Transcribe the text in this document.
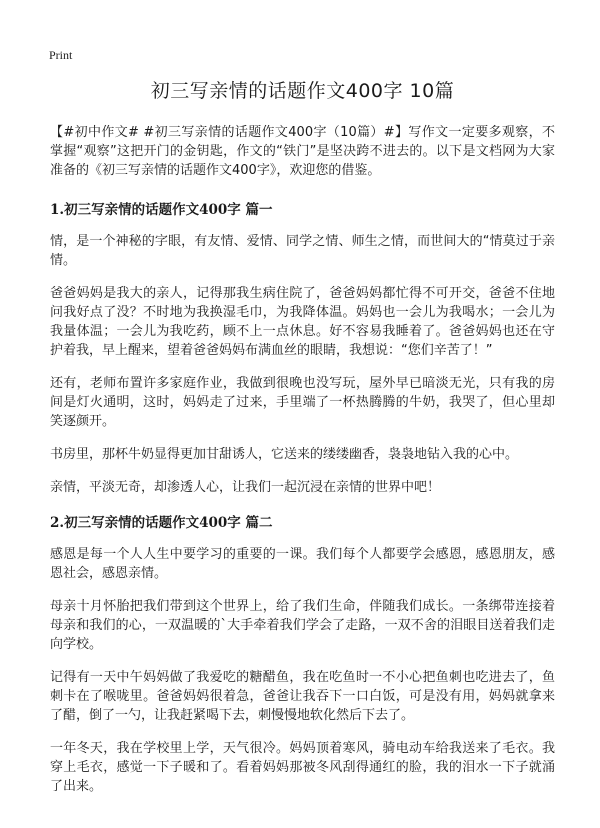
Print
初三写亲情的话题作文400字 10篇

【#初中作文# #初三写亲情的话题作文400字（10篇）#】写作文一定要多观察，不掌握“观察”这把开门的金钥匙，作文的“铁门”是坚决跨不进去的。以下是文档网为大家准备的《初三写亲情的话题作文400字》，欢迎您的借鉴。

1.初三写亲情的话题作文400字 篇一

情，是一个神秘的字眼，有友情、爱情、同学之情、师生之情，而世间大的“情莫过于亲情。

爸爸妈妈是我大的亲人，记得那我生病住院了，爸爸妈妈都忙得不可开交，爸爸不住地问我好点了没？不时地为我换湿毛巾，为我降体温。妈妈也一会儿为我喝水；一会儿为我量体温；一会儿为我吃药，顾不上一点休息。好不容易我睡着了。爸爸妈妈也还在守护着我，早上醒来，望着爸爸妈妈布满血丝的眼睛，我想说：“您们辛苦了！”

还有，老师布置许多家庭作业，我做到很晚也没写玩，屋外早已暗淡无光，只有我的房间是灯火通明，这时，妈妈走了过来，手里端了一杯热腾腾的牛奶，我哭了，但心里却笑逐颜开。

书房里，那杯牛奶显得更加甘甜诱人，它送来的缕缕幽香，袅袅地钻入我的心中。

亲情，平淡无奇，却渗透人心，让我们一起沉浸在亲情的世界中吧！

2.初三写亲情的话题作文400字 篇二

感恩是每一个人人生中要学习的重要的一课。我们每个人都要学会感恩，感恩朋友，感恩社会，感恩亲情。

母亲十月怀胎把我们带到这个世界上，给了我们生命，伴随我们成长。一条绑带连接着母亲和我们的心，一双温暖的`大手牵着我们学会了走路，一双不舍的泪眼目送着我们走向学校。

记得有一天中午妈妈做了我爱吃的糖醋鱼，我在吃鱼时一不小心把鱼刺也吃进去了，鱼刺卡在了喉咙里。爸爸妈妈很着急，爸爸让我吞下一口白饭，可是没有用，妈妈就拿来了醋，倒了一勺，让我赶紧喝下去，刺慢慢地软化然后下去了。

一年冬天，我在学校里上学，天气很冷。妈妈顶着寒风，骑电动车给我送来了毛衣。我穿上毛衣，感觉一下子暖和了。看着妈妈那被冬风刮得通红的脸，我的泪水一下子就涌了出来。
